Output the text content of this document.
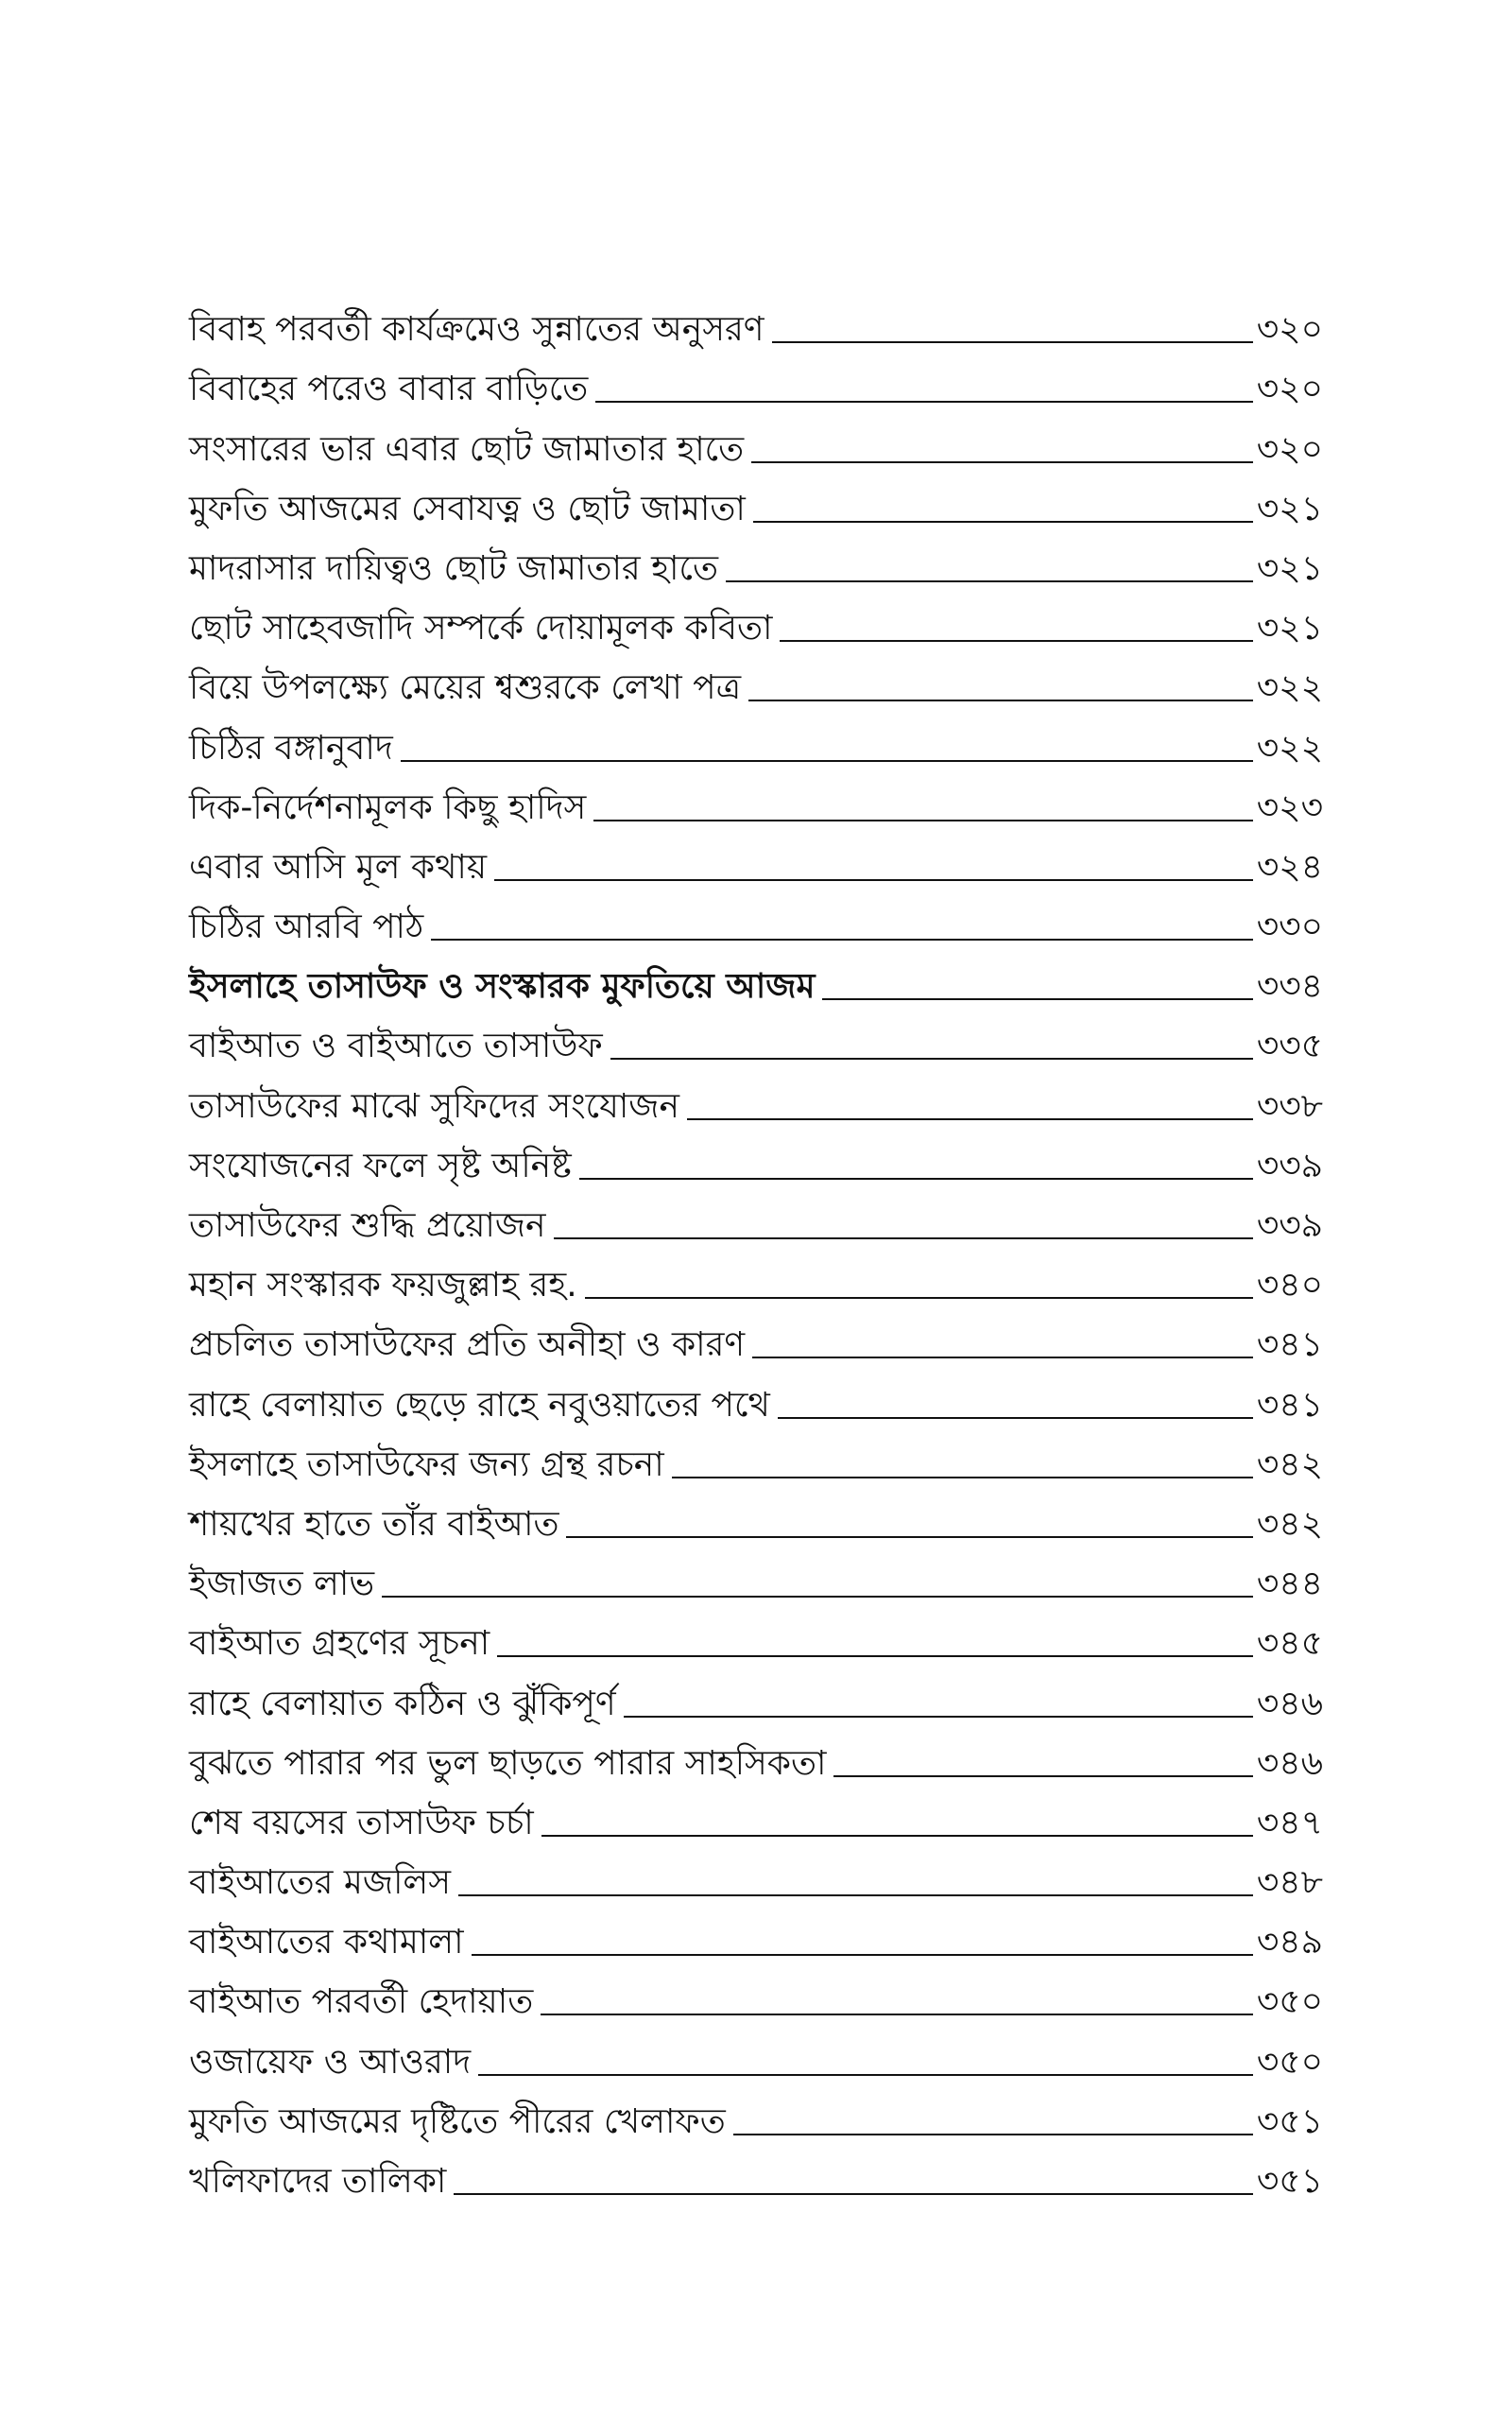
বিবাহ পরবর্তী কার্যক্রমেও সুন্নাতের অনুসরণ	৩২০
বিবাহের পরেও বাবার বাড়িতে	৩২০
সংসারের ভার এবার ছোট জামাতার হাতে	৩২০
মুফতি আজমের সেবাযত্ন ও ছোট জামাতা	৩২১
মাদরাসার দায়িত্বও ছোট জামাতার হাতে	৩২১
ছোট সাহেবজাদি সম্পর্কে দোয়ামূলক কবিতা	৩২১
বিয়ে উপলক্ষ্যে মেয়ের শ্বশুরকে লেখা পত্র	৩২২
চিঠির বঙ্গানুবাদ	৩২২
দিক-নির্দেশনামূলক কিছু হাদিস	৩২৩
এবার আসি মূল কথায়	৩২৪
চিঠির আরবি পাঠ	৩৩০
ইসলাহে তাসাউফ ও সংস্কারক মুফতিয়ে আজম	৩৩৪
বাইআত ও বাইআতে তাসাউফ	৩৩৫
তাসাউফের মাঝে সুফিদের সংযোজন	৩৩৮
সংযোজনের ফলে সৃষ্ট অনিষ্ট	৩৩৯
তাসাউফের শুদ্ধি প্রয়োজন	৩৩৯
মহান সংস্কারক ফয়জুল্লাহ রহ.	৩৪০
প্রচলিত তাসাউফের প্রতি অনীহা ও কারণ	৩৪১
রাহে বেলায়াত ছেড়ে রাহে নবুওয়াতের পথে	৩৪১
ইসলাহে তাসাউফের জন্য গ্রন্থ রচনা	৩৪২
শায়খের হাতে তাঁর বাইআত	৩৪২
ইজাজত লাভ	৩৪৪
বাইআত গ্রহণের সূচনা	৩৪৫
রাহে বেলায়াত কঠিন ও ঝুঁকিপূর্ণ	৩৪৬
বুঝতে পারার পর ভুল ছাড়তে পারার সাহসিকতা	৩৪৬
শেষ বয়সের তাসাউফ চর্চা	৩৪৭
বাইআতের মজলিস	৩৪৮
বাইআতের কথামালা	৩৪৯
বাইআত পরবর্তী হেদায়াত	৩৫০
ওজায়েফ ও আওরাদ	৩৫০
মুফতি আজমের দৃষ্টিতে পীরের খেলাফত	৩৫১
খলিফাদের তালিকা	৩৫১
